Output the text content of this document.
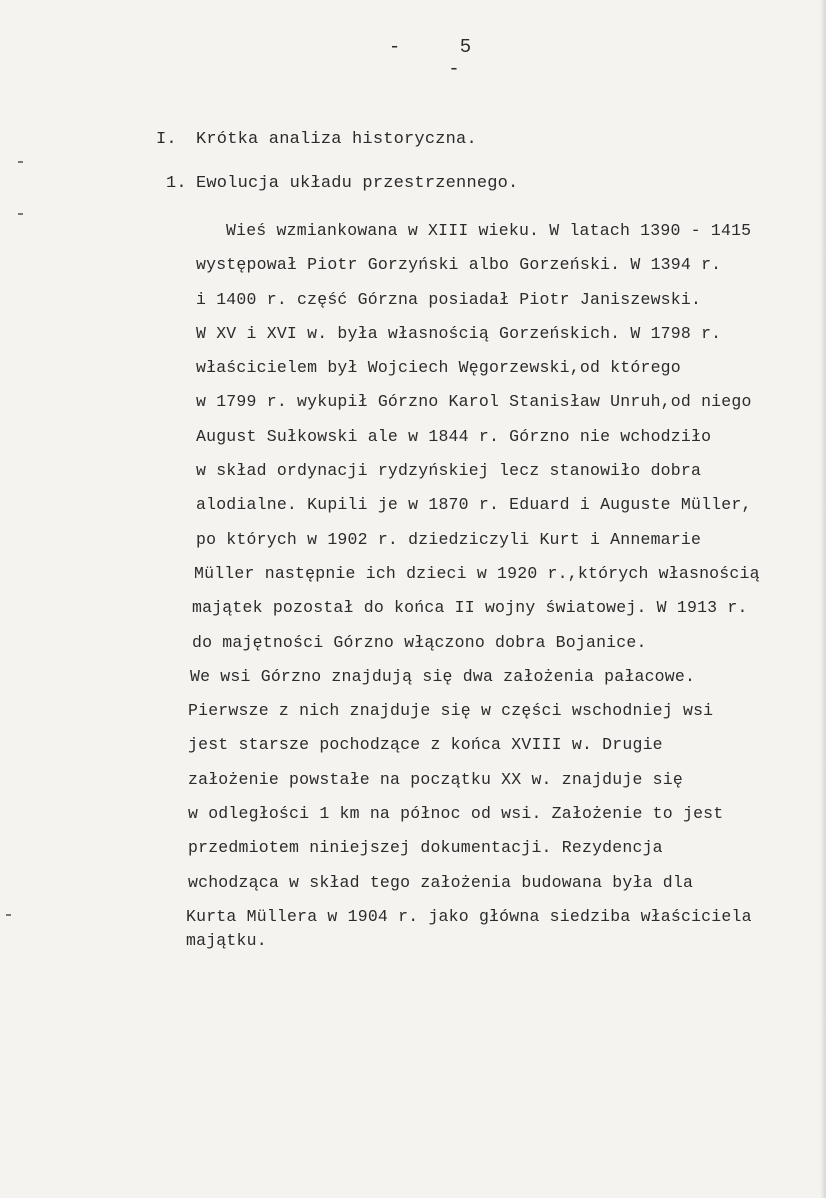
-	5 -
I. Krótka analiza historyczna.
1. Ewolucja układu przestrzennego.
Wieś wzmiankowana w XIII wieku. W latach 1390 - 1415
występował Piotr Gorzyński albo Gorzeński. W 1394 r.
i 1400 r. część Górzna posiadał Piotr Janiszewski.
W XV i XVI w. była własnością Gorzeńskich. W 1798 r.
właścicielem był Wojciech Węgorzewski,od którego
w 1799 r. wykupił Górzno Karol Stanisław Unruh,od niego
August Sułkowski ale w 1844 r. Górzno nie wchodziło
w skład ordynacji rydzyńskiej lecz stanowiło dobra
alodialne. Kupili je w 1870 r. Eduard i Auguste Müller,
po których w 1902 r. dziedziczyli Kurt i Annemarie
Müller następnie ich dzieci w 1920 r.,których własnością
majątek pozostał do końca II wojny światowej. W 1913 r.
do majętności Górzno włączono dobra Bojanice.
We wsi Górzno znajdują się dwa założenia pałacowe.
Pierwsze z nich znajduje się w części wschodniej wsi
jest starsze pochodzące z końca XVIII w. Drugie
założenie powstałe na początku XX w. znajduje się
w odległości 1 km na północ od wsi. Założenie to jest
przedmiotem niniejszej dokumentacji. Rezydencja
wchodząca w skład tego założenia budowana była dla
Kurta Müllera w 1904 r. jako główna siedziba właściciela
majątku.
